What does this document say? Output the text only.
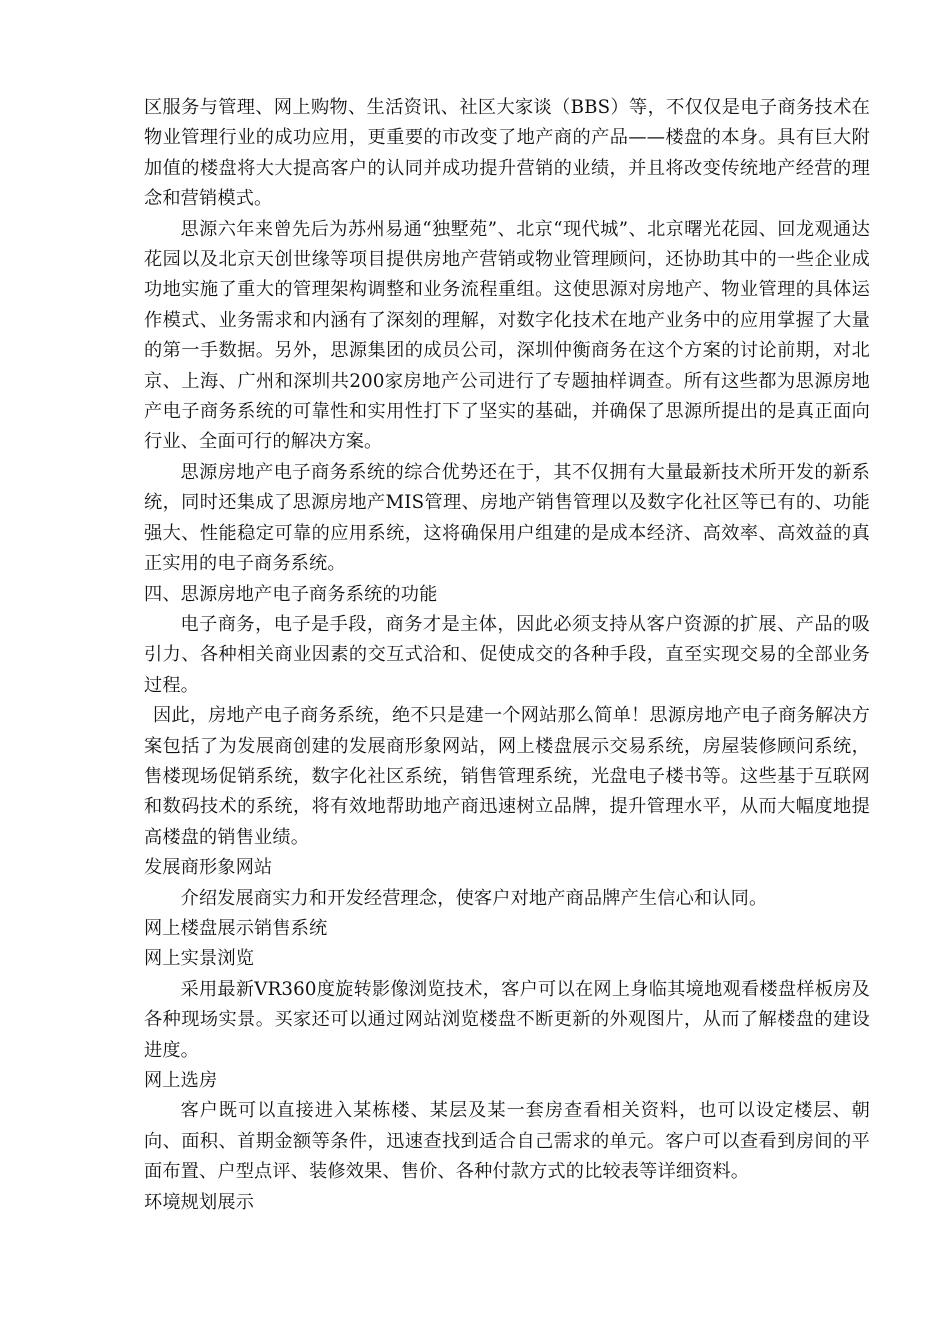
区服务与管理、网上购物、生活资讯、社区大家谈（BBS）等，不仅仅是电子商务技术在物业管理行业的成功应用，更重要的市改变了地产商的产品——楼盘的本身。具有巨大附加值的楼盘将大大提高客户的认同并成功提升营销的业绩，并且将改变传统地产经营的理念和营销模式。

思源六年来曾先后为苏州易通“独墅苑”、北京“现代城”、北京曙光花园、回龙观通达花园以及北京天创世缘等项目提供房地产营销或物业管理顾问，还协助其中的一些企业成功地实施了重大的管理架构调整和业务流程重组。这使思源对房地产、物业管理的具体运作模式、业务需求和内涵有了深刻的理解，对数字化技术在地产业务中的应用掌握了大量的第一手数据。另外，思源集团的成员公司，深圳仲衡商务在这个方案的讨论前期，对北京、上海、广州和深圳共200家房地产公司进行了专题抽样调查。所有这些都为思源房地产电子商务系统的可靠性和实用性打下了坚实的基础，并确保了思源所提出的是真正面向行业、全面可行的解决方案。

思源房地产电子商务系统的综合优势还在于，其不仅拥有大量最新技术所开发的新系统，同时还集成了思源房地产MIS管理、房地产销售管理以及数字化社区等已有的、功能强大、性能稳定可靠的应用系统，这将确保用户组建的是成本经济、高效率、高效益的真正实用的电子商务系统。

四、思源房地产电子商务系统的功能

电子商务，电子是手段，商务才是主体，因此必须支持从客户资源的扩展、产品的吸引力、各种相关商业因素的交互式洽和、促使成交的各种手段，直至实现交易的全部业务过程。

因此，房地产电子商务系统，绝不只是建一个网站那么简单！思源房地产电子商务解决方案包括了为发展商创建的发展商形象网站，网上楼盘展示交易系统，房屋装修顾问系统，售楼现场促销系统，数字化社区系统，销售管理系统，光盘电子楼书等。这些基于互联网和数码技术的系统，将有效地帮助地产商迅速树立品牌，提升管理水平，从而大幅度地提高楼盘的销售业绩。

发展商形象网站

介绍发展商实力和开发经营理念，使客户对地产商品牌产生信心和认同。

网上楼盘展示销售系统

网上实景浏览

采用最新VR360度旋转影像浏览技术，客户可以在网上身临其境地观看楼盘样板房及各种现场实景。买家还可以通过网站浏览楼盘不断更新的外观图片，从而了解楼盘的建设进度。

网上选房

客户既可以直接进入某栋楼、某层及某一套房查看相关资料，也可以设定楼层、朝向、面积、首期金额等条件，迅速查找到适合自己需求的单元。客户可以查看到房间的平面布置、户型点评、装修效果、售价、各种付款方式的比较表等详细资料。

环境规划展示
